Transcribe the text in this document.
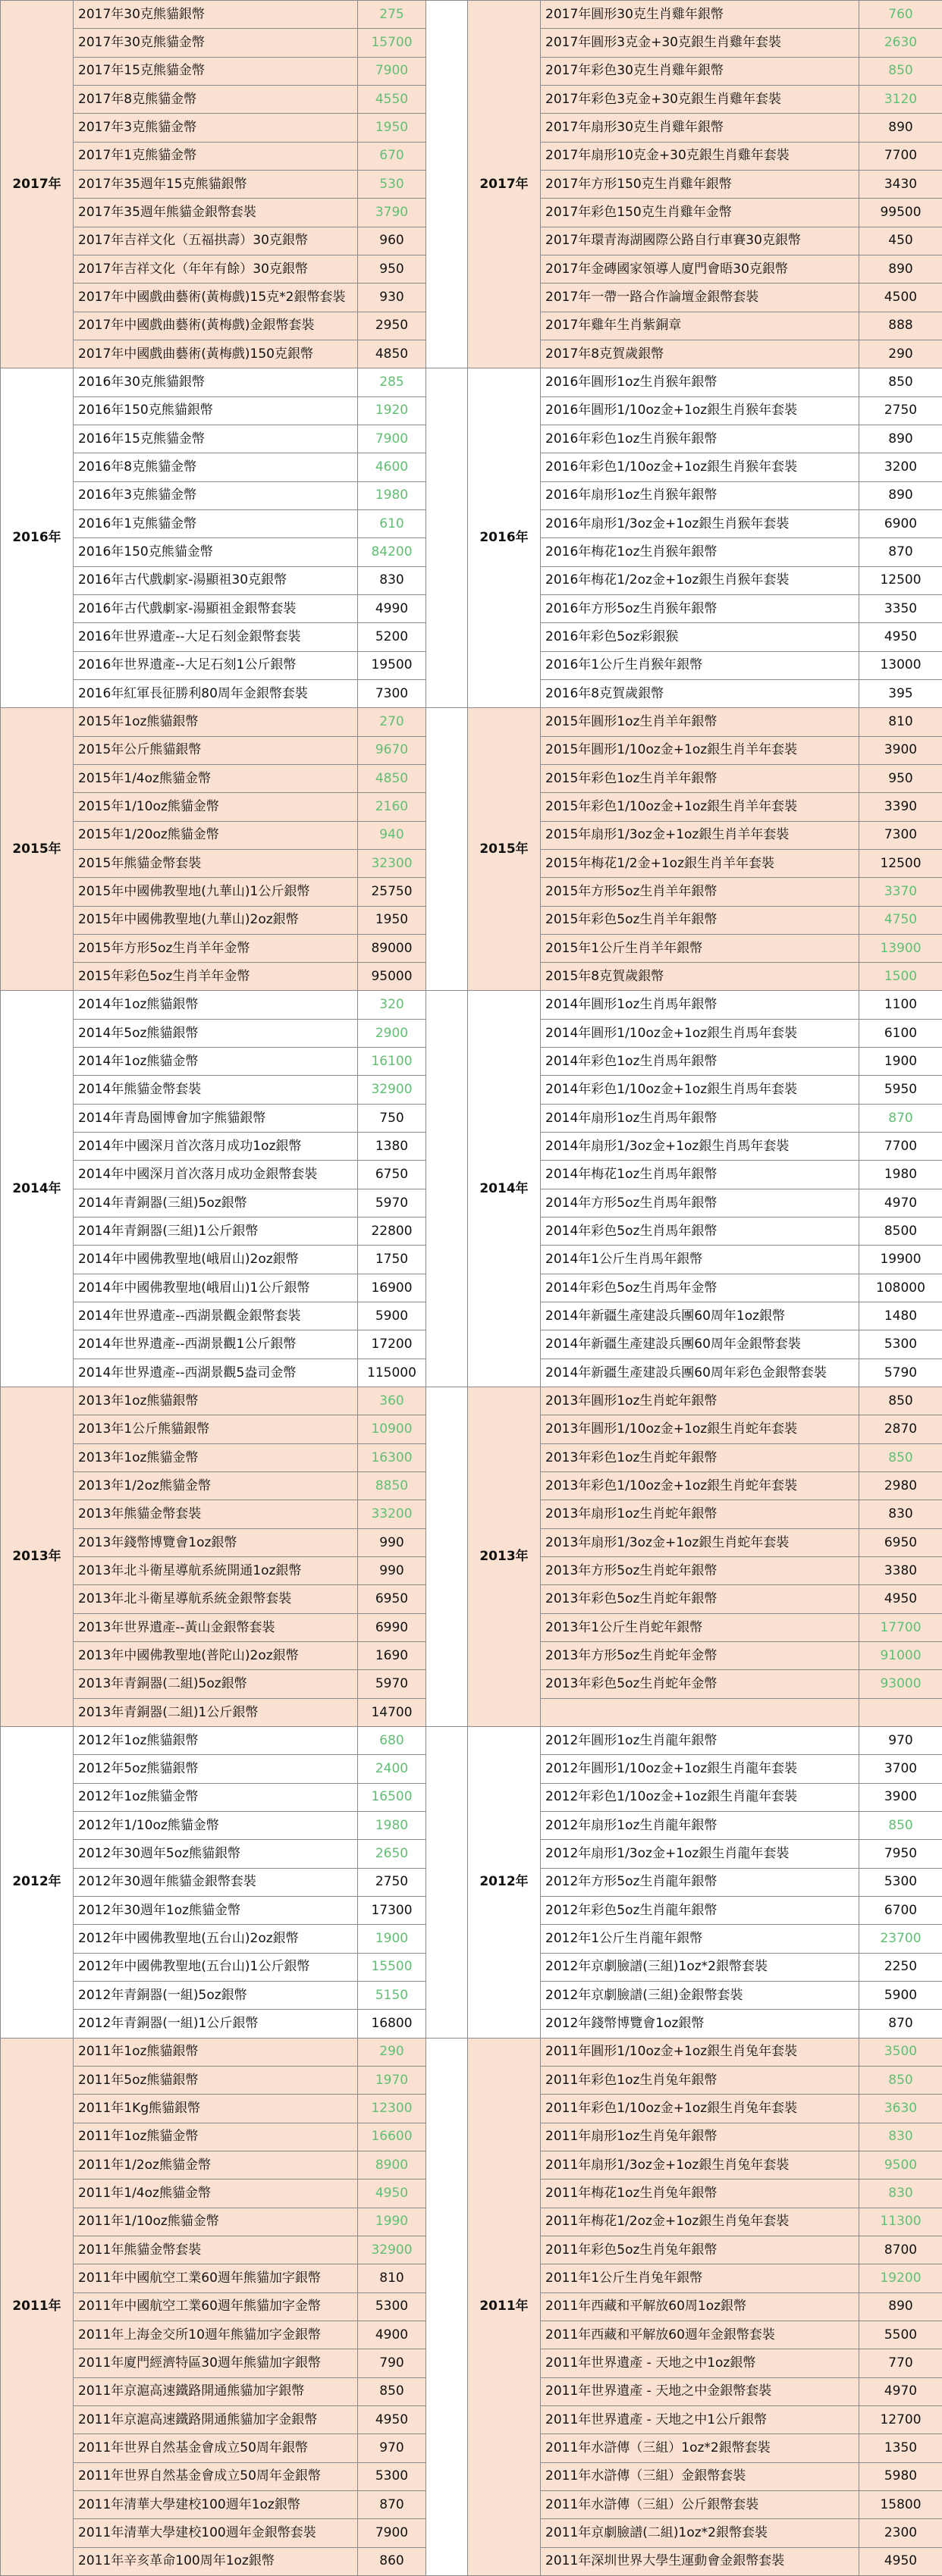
2017年	2017年30克熊貓銀幣	275		2017年	2017年圓形30克生肖雞年銀幣	760
	2017年30克熊貓金幣	15700			2017年圓形3克金+30克銀生肖雞年套裝	2630
	2017年15克熊貓金幣	7900			2017年彩色30克生肖雞年銀幣	850
	2017年8克熊貓金幣	4550			2017年彩色3克金+30克銀生肖雞年套裝	3120
	2017年3克熊貓金幣	1950			2017年扇形30克生肖雞年銀幣	890
	2017年1克熊貓金幣	670			2017年扇形10克金+30克銀生肖雞年套裝	7700
	2017年35週年15克熊貓銀幣	530			2017年方形150克生肖雞年銀幣	3430
	2017年35週年熊貓金銀幣套裝	3790			2017年彩色150克生肖雞年金幣	99500
	2017年吉祥文化（五福拱壽）30克銀幣	960			2017年環青海湖國際公路自行車賽30克銀幣	450
	2017年吉祥文化（年年有餘）30克銀幣	950			2017年金磚國家領導人廈門會晤30克銀幣	890
	2017年中國戲曲藝術(黃梅戲)15克*2銀幣套裝	930			2017年一帶一路合作論壇金銀幣套裝	4500
	2017年中國戲曲藝術(黃梅戲)金銀幣套裝	2950			2017年雞年生肖紫銅章	888
	2017年中國戲曲藝術(黃梅戲)150克銀幣	4850			2017年8克賀歲銀幣	290
2016年	2016年30克熊貓銀幣	285		2016年	2016年圓形1oz生肖猴年銀幣	850
	2016年150克熊貓銀幣	1920			2016年圓形1/10oz金+1oz銀生肖猴年套裝	2750
	2016年15克熊貓金幣	7900			2016年彩色1oz生肖猴年銀幣	890
	2016年8克熊貓金幣	4600			2016年彩色1/10oz金+1oz銀生肖猴年套裝	3200
	2016年3克熊貓金幣	1980			2016年扇形1oz生肖猴年銀幣	890
	2016年1克熊貓金幣	610			2016年扇形1/3oz金+1oz銀生肖猴年套裝	6900
	2016年150克熊貓金幣	84200			2016年梅花1oz生肖猴年銀幣	870
	2016年古代戲劇家-湯顯祖30克銀幣	830			2016年梅花1/2oz金+1oz銀生肖猴年套裝	12500
	2016年古代戲劇家-湯顯祖金銀幣套裝	4990			2016年方形5oz生肖猴年銀幣	3350
	2016年世界遺產--大足石刻金銀幣套裝	5200			2016年彩色5oz彩銀猴	4950
	2016年世界遺產--大足石刻1公斤銀幣	19500			2016年1公斤生肖猴年銀幣	13000
	2016年紅軍長征勝利80周年金銀幣套裝	7300			2016年8克賀歲銀幣	395
2015年	2015年1oz熊貓銀幣	270		2015年	2015年圓形1oz生肖羊年銀幣	810
	2015年公斤熊貓銀幣	9670			2015年圓形1/10oz金+1oz銀生肖羊年套裝	3900
	2015年1/4oz熊貓金幣	4850			2015年彩色1oz生肖羊年銀幣	950
	2015年1/10oz熊貓金幣	2160			2015年彩色1/10oz金+1oz銀生肖羊年套裝	3390
	2015年1/20oz熊貓金幣	940			2015年扇形1/3oz金+1oz銀生肖羊年套裝	7300
	2015年熊貓金幣套裝	32300			2015年梅花1/2金+1oz銀生肖羊年套裝	12500
	2015年中國佛教聖地(九華山)1公斤銀幣	25750			2015年方形5oz生肖羊年銀幣	3370
	2015年中國佛教聖地(九華山)2oz銀幣	1950			2015年彩色5oz生肖羊年銀幣	4750
	2015年方形5oz生肖羊年金幣	89000			2015年1公斤生肖羊年銀幣	13900
	2015年彩色5oz生肖羊年金幣	95000			2015年8克賀歲銀幣	1500
2014年	2014年1oz熊貓銀幣	320		2014年	2014年圓形1oz生肖馬年銀幣	1100
	2014年5oz熊貓銀幣	2900			2014年圓形1/10oz金+1oz銀生肖馬年套裝	6100
	2014年1oz熊貓金幣	16100			2014年彩色1oz生肖馬年銀幣	1900
	2014年熊貓金幣套裝	32900			2014年彩色1/10oz金+1oz銀生肖馬年套裝	5950
	2014年青島園博會加字熊貓銀幣	750			2014年扇形1oz生肖馬年銀幣	870
	2014年中國深月首次落月成功1oz銀幣	1380			2014年扇形1/3oz金+1oz銀生肖馬年套裝	7700
	2014年中國深月首次落月成功金銀幣套裝	6750			2014年梅花1oz生肖馬年銀幣	1980
	2014年青銅器(三組)5oz銀幣	5970			2014年方形5oz生肖馬年銀幣	4970
	2014年青銅器(三組)1公斤銀幣	22800			2014年彩色5oz生肖馬年銀幣	8500
	2014年中國佛教聖地(峨眉山)2oz銀幣	1750			2014年1公斤生肖馬年銀幣	19900
	2014年中國佛教聖地(峨眉山)1公斤銀幣	16900			2014年彩色5oz生肖馬年金幣	108000
	2014年世界遺產--西湖景觀金銀幣套裝	5900			2014年新疆生產建設兵團60周年1oz銀幣	1480
	2014年世界遺產--西湖景觀1公斤銀幣	17200			2014年新疆生產建設兵團60周年金銀幣套裝	5300
	2014年世界遺產--西湖景觀5盎司金幣	115000			2014年新疆生產建設兵團60周年彩色金銀幣套裝	5790
2013年	2013年1oz熊貓銀幣	360		2013年	2013年圓形1oz生肖蛇年銀幣	850
	2013年1公斤熊貓銀幣	10900			2013年圓形1/10oz金+1oz銀生肖蛇年套裝	2870
	2013年1oz熊貓金幣	16300			2013年彩色1oz生肖蛇年銀幣	850
	2013年1/2oz熊貓金幣	8850			2013年彩色1/10oz金+1oz銀生肖蛇年套裝	2980
	2013年熊貓金幣套裝	33200			2013年扇形1oz生肖蛇年銀幣	830
	2013年錢幣博覽會1oz銀幣	990			2013年扇形1/3oz金+1oz銀生肖蛇年套裝	6950
	2013年北斗衛星導航系統開通1oz銀幣	990			2013年方形5oz生肖蛇年銀幣	3380
	2013年北斗衛星導航系統金銀幣套裝	6950			2013年彩色5oz生肖蛇年銀幣	4950
	2013年世界遺產--黃山金銀幣套裝	6990			2013年1公斤生肖蛇年銀幣	17700
	2013年中國佛教聖地(普陀山)2oz銀幣	1690			2013年方形5oz生肖蛇年金幣	91000
	2013年青銅器(二組)5oz銀幣	5970			2013年彩色5oz生肖蛇年金幣	93000
	2013年青銅器(二組)1公斤銀幣	14700				
2012年	2012年1oz熊貓銀幣	680		2012年	2012年圓形1oz生肖龍年銀幣	970
	2012年5oz熊貓銀幣	2400			2012年圓形1/10oz金+1oz銀生肖龍年套裝	3700
	2012年1oz熊貓金幣	16500			2012年彩色1/10oz金+1oz銀生肖龍年套裝	3900
	2012年1/10oz熊貓金幣	1980			2012年扇形1oz生肖龍年銀幣	850
	2012年30週年5oz熊貓銀幣	2650			2012年扇形1/3oz金+1oz銀生肖龍年套裝	7950
	2012年30週年熊貓金銀幣套裝	2750			2012年方形5oz生肖龍年銀幣	5300
	2012年30週年1oz熊貓金幣	17300			2012年彩色5oz生肖龍年銀幣	6700
	2012年中國佛教聖地(五台山)2oz銀幣	1900			2012年1公斤生肖龍年銀幣	23700
	2012年中國佛教聖地(五台山)1公斤銀幣	15500			2012年京劇臉譜(三組)1oz*2銀幣套裝	2250
	2012年青銅器(一組)5oz銀幣	5150			2012年京劇臉譜(三組)金銀幣套裝	5900
	2012年青銅器(一組)1公斤銀幣	16800			2012年錢幣博覽會1oz銀幣	870
2011年	2011年1oz熊貓銀幣	290		2011年	2011年圓形1/10oz金+1oz銀生肖兔年套裝	3500
	2011年5oz熊貓銀幣	1970			2011年彩色1oz生肖兔年銀幣	850
	2011年1Kg熊貓銀幣	12300			2011年彩色1/10oz金+1oz銀生肖兔年套裝	3630
	2011年1oz熊貓金幣	16600			2011年扇形1oz生肖兔年銀幣	830
	2011年1/2oz熊貓金幣	8900			2011年扇形1/3oz金+1oz銀生肖兔年套裝	9500
	2011年1/4oz熊貓金幣	4950			2011年梅花1oz生肖兔年銀幣	830
	2011年1/10oz熊貓金幣	1990			2011年梅花1/2oz金+1oz銀生肖兔年套裝	11300
	2011年熊貓金幣套裝	32900			2011年彩色5oz生肖兔年銀幣	8700
	2011年中國航空工業60週年熊貓加字銀幣	810			2011年1公斤生肖兔年銀幣	19200
	2011年中國航空工業60週年熊貓加字金幣	5300			2011年西藏和平解放60周1oz銀幣	890
	2011年上海金交所10週年熊貓加字金銀幣	4900			2011年西藏和平解放60週年金銀幣套裝	5500
	2011年廈門經濟特區30週年熊貓加字銀幣	790			2011年世界遺產 - 天地之中1oz銀幣	770
	2011年京滬高速鐵路開通熊貓加字銀幣	850			2011年世界遺產 - 天地之中金銀幣套裝	4970
	2011年京滬高速鐵路開通熊貓加字金銀幣	4950			2011年世界遺產 - 天地之中1公斤銀幣	12700
	2011年世界自然基金會成立50周年銀幣	970			2011年水滸傳（三組）1oz*2銀幣套裝	1350
	2011年世界自然基金會成立50周年金銀幣	5300			2011年水滸傳（三組）金銀幣套裝	5980
	2011年清華大學建校100週年1oz銀幣	870			2011年水滸傳（三組）公斤銀幣套裝	15800
	2011年清華大學建校100週年金銀幣套裝	7900			2011年京劇臉譜(二組)1oz*2銀幣套裝	2300
	2011年辛亥革命100周年1oz銀幣	860			2011年深圳世界大學生運動會金銀幣套裝	4950
